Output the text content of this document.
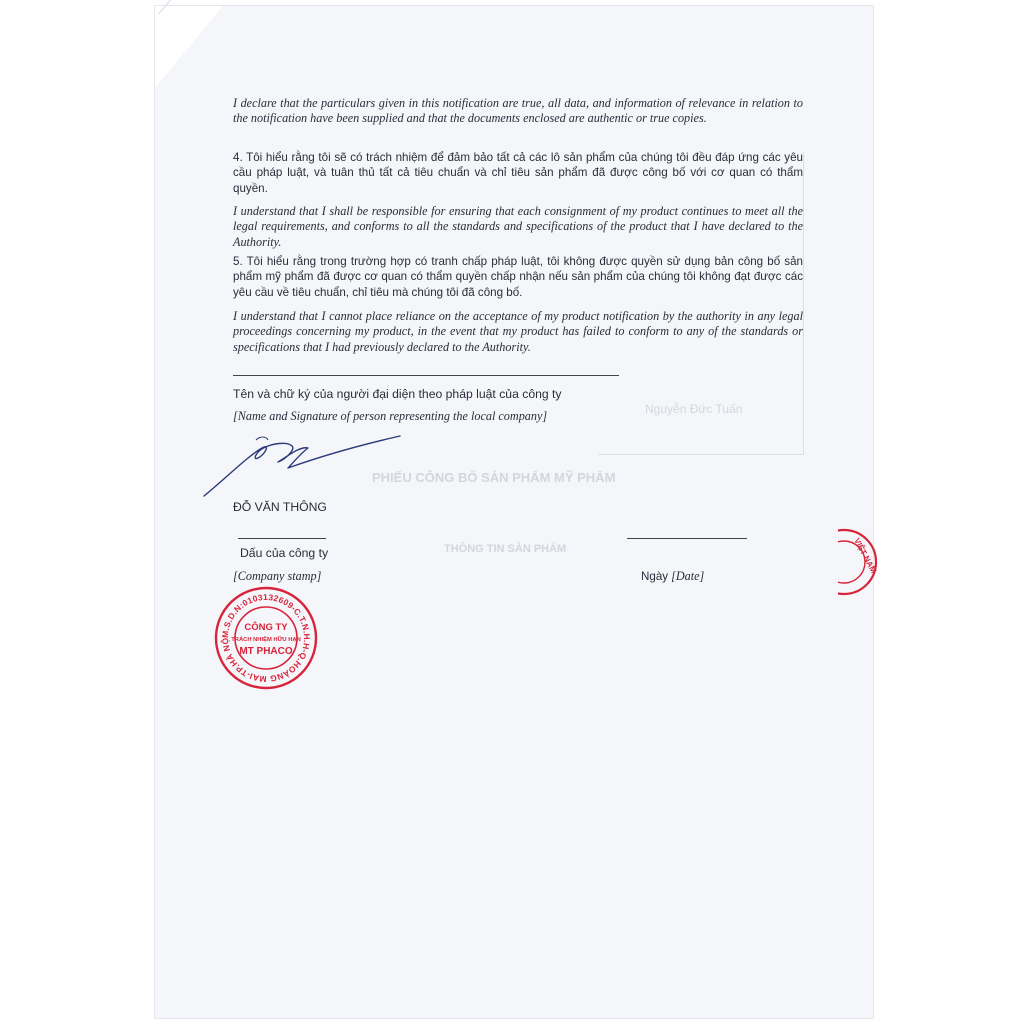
PHIẾU CÔNG BỐ SẢN PHẨM MỸ PHẨM
THÔNG TIN SẢN PHẨM
Nguyễn Đức Tuấn

I declare that the particulars given in this notification are true, all data, and information of relevance in relation to the notification have been supplied and that the documents enclosed are authentic or true copies.

4. Tôi hiểu rằng tôi sẽ có trách nhiệm để đảm bảo tất cả các lô sản phẩm của chúng tôi đều đáp ứng các yêu cầu pháp luật, và tuân thủ tất cả tiêu chuẩn và chỉ tiêu sản phẩm đã được công bố với cơ quan có thẩm quyền.

I understand that I shall be responsible for ensuring that each consignment of my product continues to meet all the legal requirements, and conforms to all the standards and specifications of the product that I have declared to the Authority.

5. Tôi hiểu rằng trong trường hợp có tranh chấp pháp luật, tôi không được quyền sử dụng bản công bố sản phẩm mỹ phẩm đã được cơ quan có thẩm quyền chấp nhận nếu sản phẩm của chúng tôi không đạt được các yêu cầu về tiêu chuẩn, chỉ tiêu mà chúng tôi đã công bố.

I understand that I cannot place reliance on the acceptance of my product notification by the authority in any legal proceedings concerning my product, in the event that my product has failed to conform to any of the standards or specifications that I had previously declared to the Authority.

Tên và chữ ký của người đại diện theo pháp luật của công ty
[Name and Signature of person representing the local company]
ĐỖ VĂN THÔNG
Dấu của công ty
[Company stamp]	Ngày [Date]
M.S.D.N:0103132609-C.T.N.H.H-Q.HOÀNG MAI-TP.HÀ NỘ
CÔNG TY
TRÁCH NHIỆM HỮU HẠN
MT PHACO
VIỆT NAM
